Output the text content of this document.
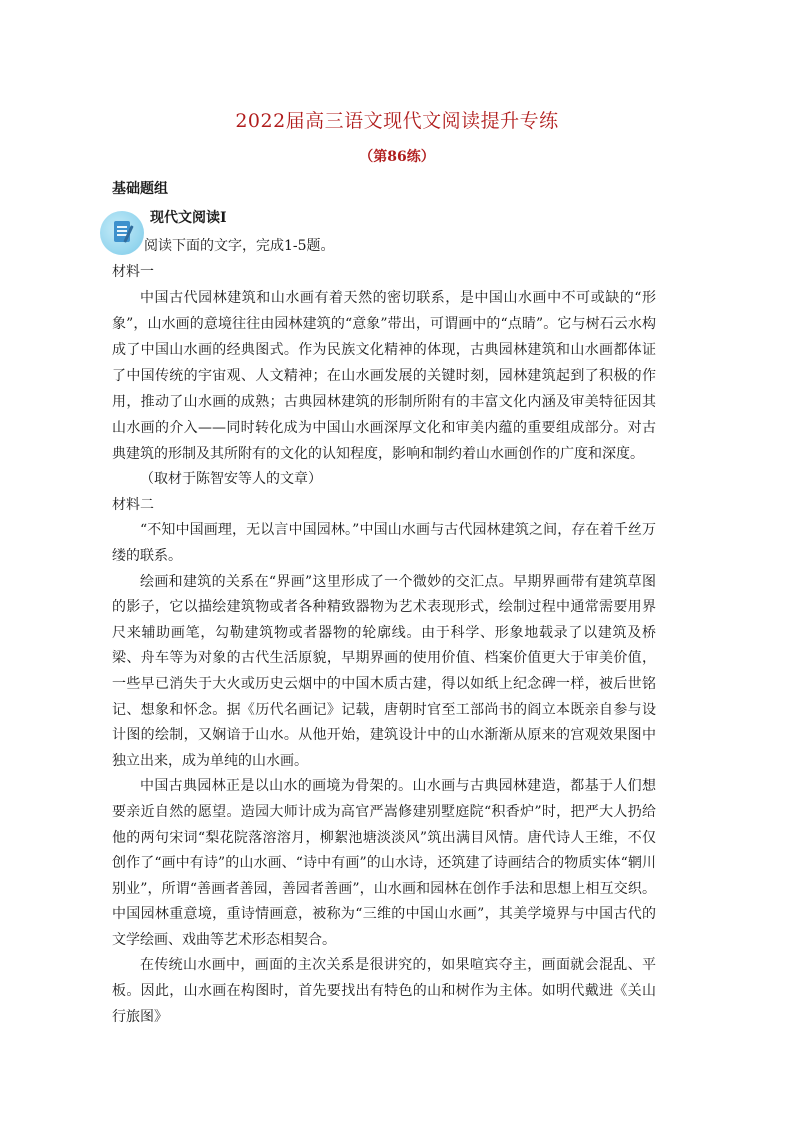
2022届高三语文现代文阅读提升专练
（第86练）
基础题组
现代文阅读Ⅰ

阅读下面的文字，完成1-5题。

材料一

中国古代园林建筑和山水画有着天然的密切联系，是中国山水画中不可或缺的“形象”，山水画的意境往往由园林建筑的“意象”带出，可谓画中的“点睛”。它与树石云水构成了中国山水画的经典图式。作为民族文化精神的体现，古典园林建筑和山水画都体证了中国传统的宇宙观、人文精神；在山水画发展的关键时刻，园林建筑起到了积极的作用，推动了山水画的成熟；古典园林建筑的形制所附有的丰富文化内涵及审美特征因其山水画的介入——同时转化成为中国山水画深厚文化和审美内蕴的重要组成部分。对古典建筑的形制及其所附有的文化的认知程度，影响和制约着山水画创作的广度和深度。

（取材于陈智安等人的文章）

材料二

“不知中国画理，无以言中国园林。”中国山水画与古代园林建筑之间，存在着千丝万缕的联系。

绘画和建筑的关系在“界画”这里形成了一个微妙的交汇点。早期界画带有建筑草图的影子，它以描绘建筑物或者各种精致器物为艺术表现形式，绘制过程中通常需要用界尺来辅助画笔，勾勒建筑物或者器物的轮廓线。由于科学、形象地载录了以建筑及桥梁、舟车等为对象的古代生活原貌，早期界画的使用价值、档案价值更大于审美价值，一些早已消失于大火或历史云烟中的中国木质古建，得以如纸上纪念碑一样，被后世铭记、想象和怀念。据《历代名画记》记载，唐朝时官至工部尚书的阎立本既亲自参与设计图的绘制，又娴谙于山水。从他开始，建筑设计中的山水渐渐从原来的宫观效果图中独立出来，成为单纯的山水画。

中国古典园林正是以山水的画境为骨架的。山水画与古典园林建造，都基于人们想要亲近自然的愿望。造园大师计成为高官严嵩修建别墅庭院“积香炉”时，把严大人扔给他的两句宋词“梨花院落溶溶月，柳絮池塘淡淡风”筑出满目风情。唐代诗人王维，不仅创作了“画中有诗”的山水画、“诗中有画”的山水诗，还筑建了诗画结合的物质实体“辋川别业”，所谓“善画者善园，善园者善画”，山水画和园林在创作手法和思想上相互交织。中国园林重意境，重诗情画意，被称为“三维的中国山水画”，其美学境界与中国古代的文学绘画、戏曲等艺术形态相契合。

在传统山水画中，画面的主次关系是很讲究的，如果喧宾夺主，画面就会混乱、平板。因此，山水画在构图时，首先要找出有特色的山和树作为主体。如明代戴进《关山行旅图》
